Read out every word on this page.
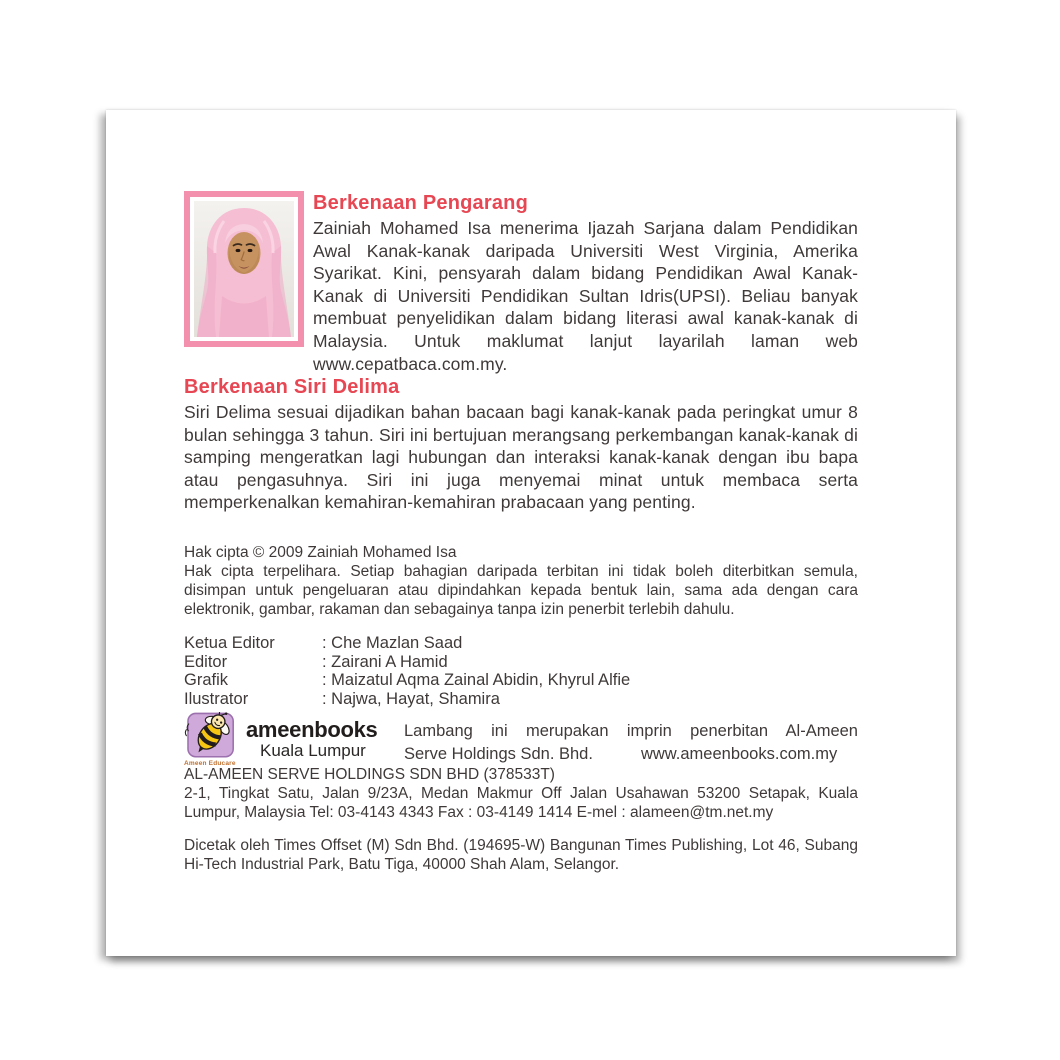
Berkenaan Pengarang

Zainiah Mohamed Isa menerima Ijazah Sarjana dalam Pendidikan Awal Kanak-kanak daripada Universiti West Virginia, Amerika Syarikat. Kini, pensyarah dalam bidang Pendidikan Awal Kanak-Kanak di Universiti Pendidikan Sultan Idris(UPSI). Beliau banyak membuat penyelidikan dalam bidang literasi awal kanak-kanak di Malaysia. Untuk maklumat lanjut layarilah laman web www.cepatbaca.com.my.

Berkenaan Siri Delima

Siri Delima sesuai dijadikan bahan bacaan bagi kanak-kanak pada peringkat umur 8 bulan sehingga 3 tahun. Siri ini bertujuan merangsang perkembangan kanak-kanak di samping mengeratkan lagi hubungan dan interaksi kanak-kanak dengan ibu bapa atau pengasuhnya. Siri ini juga menyemai minat untuk membaca serta memperkenalkan kemahiran-kemahiran prabacaan yang penting.

Hak cipta © 2009 Zainiah Mohamed Isa
Hak cipta terpelihara. Setiap bahagian daripada terbitan ini tidak boleh diterbitkan semula, disimpan untuk pengeluaran atau dipindahkan kepada bentuk lain, sama ada dengan cara elektronik, gambar, rakaman dan sebagainya tanpa izin penerbit terlebih dahulu.
Ketua Editor	: Che Mazlan Saad
Editor	: Zairani A Hamid
Grafik	: Maizatul Aqma Zainal Abidin, Khyrul Alfie
Ilustrator	: Najwa, Hayat, Shamira
Ameen Educare
ameenbooks
Kuala Lumpur
Lambang ini merupakan imprin penerbitan Al-Ameen
Serve Holdings Sdn. Bhd.	www.ameenbooks.com.my
AL-AMEEN SERVE HOLDINGS SDN BHD (378533T)
2-1, Tingkat Satu, Jalan 9/23A, Medan Makmur Off Jalan Usahawan 53200 Setapak, Kuala Lumpur, Malaysia Tel: 03-4143 4343 Fax : 03-4149 1414 E-mel : alameen@tm.net.my
Dicetak oleh Times Offset (M) Sdn Bhd. (194695-W) Bangunan Times Publishing, Lot 46, Subang Hi-Tech Industrial Park, Batu Tiga, 40000 Shah Alam, Selangor.
